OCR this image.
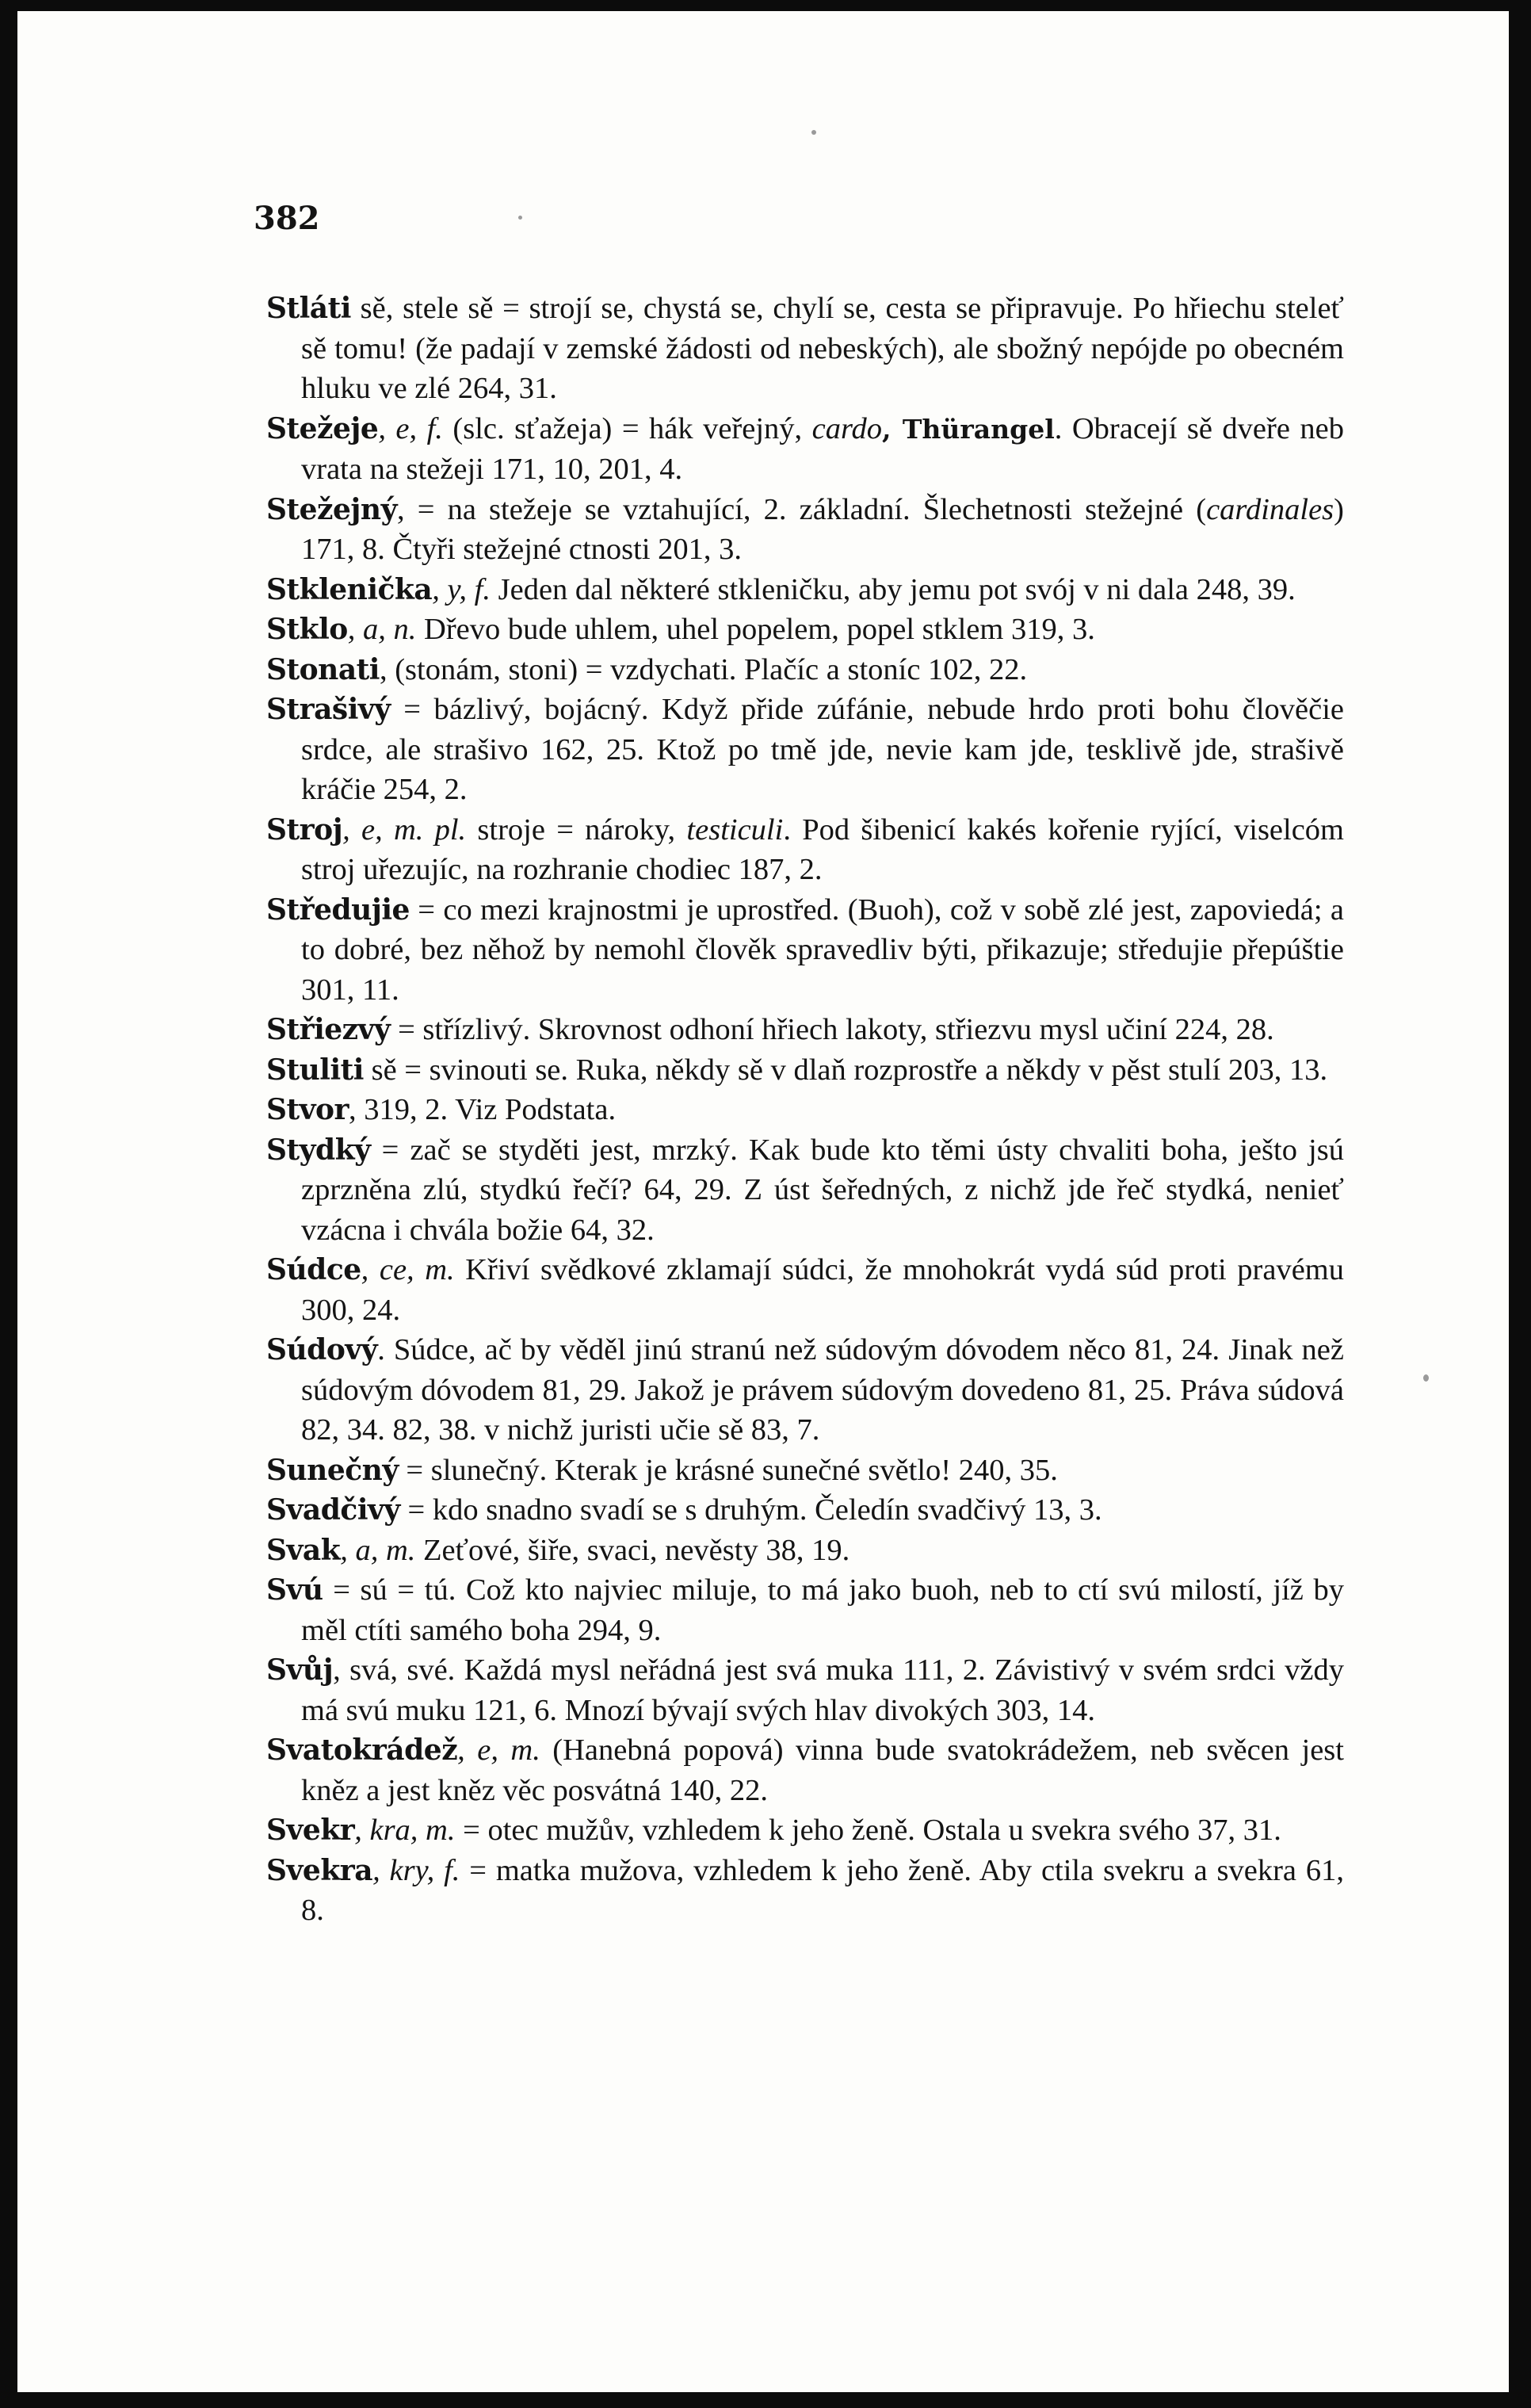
382

Stláti sě, stele sě = strojí se, chystá se, chylí se, cesta se připravuje. Po hřiechu steleť sě tomu! (že padají v zemské žádosti od nebeských), ale sbožný nepójde po obecném hluku ve zlé 264, 31.

Stežeje, e, f. (slc. sťažeja) = hák veřejný, cardo, Thürangel. Obracejí sě dveře neb vrata na stežeji 171, 10, 201, 4.

Stežejný, = na stežeje se vztahující, 2. základní. Šlechetnosti stežejné (cardinales) 171, 8. Čtyři stežejné ctnosti 201, 3.

Stklenička, y, f. Jeden dal některé stkleničku, aby jemu pot svój v ni dala 248, 39.

Stklo, a, n. Dřevo bude uhlem, uhel popelem, popel stklem 319, 3.

Stonati, (stonám, stoni) = vzdychati. Plačíc a stoníc 102, 22.

Strašivý = bázlivý, bojácný. Když přide zúfánie, nebude hrdo proti bohu člověčie srdce, ale strašivo 162, 25. Ktož po tmě jde, nevie kam jde, tesklivě jde, strašivě kráčie 254, 2.

Stroj, e, m. pl. stroje = nároky, testiculi. Pod šibenicí kakés kořenie ryjící, viselcóm stroj uřezujíc, na rozhranie chodiec 187, 2.

Středujie = co mezi krajnostmi je uprostřed. (Buoh), což v sobě zlé jest, zapoviedá; a to dobré, bez něhož by nemohl člověk spravedliv býti, přikazuje; středujie přepúštie 301, 11.

Střiezvý = střízlivý. Skrovnost odhoní hřiech lakoty, střiezvu mysl učiní 224, 28.

Stuliti sě = svinouti se. Ruka, někdy sě v dlaň rozprostře a někdy v pěst stulí 203, 13.

Stvor, 319, 2. Viz Podstata.

Stydký = zač se styděti jest, mrzký. Kak bude kto těmi ústy chvaliti boha, ješto jsú zprzněna zlú, stydkú řečí? 64, 29. Z úst šeředných, z nichž jde řeč stydká, nenieť vzácna i chvála božie 64, 32.

Súdce, ce, m. Křiví svědkové zklamají súdci, že mnohokrát vydá súd proti pravému 300, 24.

Súdový. Súdce, ač by věděl jinú stranú než súdovým dóvodem něco 81, 24. Jinak než súdovým dóvodem 81, 29. Jakož je právem súdovým dovedeno 81, 25. Práva súdová 82, 34. 82, 38. v nichž juristi učie sě 83, 7.

Sunečný = slunečný. Kterak je krásné sunečné světlo! 240, 35.

Svadčivý = kdo snadno svadí se s druhým. Čeledín svadčivý 13, 3.

Svak, a, m. Zeťové, šiře, svaci, nevěsty 38, 19.

Svú = sú = tú. Což kto najviec miluje, to má jako buoh, neb to ctí svú milostí, jíž by měl ctíti samého boha 294, 9.

Svůj, svá, své. Každá mysl neřádná jest svá muka 111, 2. Závistivý v svém srdci vždy má svú muku 121, 6. Mnozí bývají svých hlav divokých 303, 14.

Svatokrádež, e, m. (Hanebná popová) vinna bude svatokrádežem, neb svěcen jest kněz a jest kněz věc posvátná 140, 22.

Svekr, kra, m. = otec mužův, vzhledem k jeho ženě. Ostala u svekra svého 37, 31.

Svekra, kry, f. = matka mužova, vzhledem k jeho ženě. Aby ctila svekru a svekra 61, 8.
